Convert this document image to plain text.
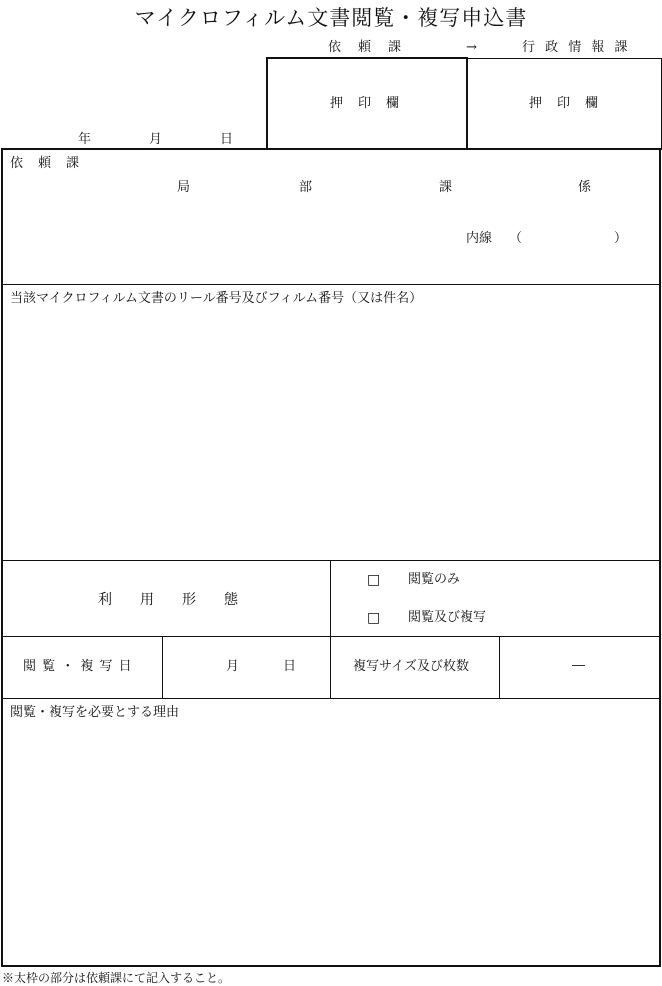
マイクロフィルム文書閲覧・複写申込書
依　頼　課	→	行 政 情 報 課
押　印　欄	押　印　欄
年	月	日
依　頼　課
局	部	課	係
内線 （	）
当該マイクロフィルム文書のリール番号及びフィルム番号（又は件名）
利　　用　　形　　態
□ 閲覧のみ
□ 閲覧及び複写
閲 覧 ・ 複 写 日	月	日	複写サイズ及び枚数	―
閲覧・複写を必要とする理由
※太枠の部分は依頼課にて記入すること。
